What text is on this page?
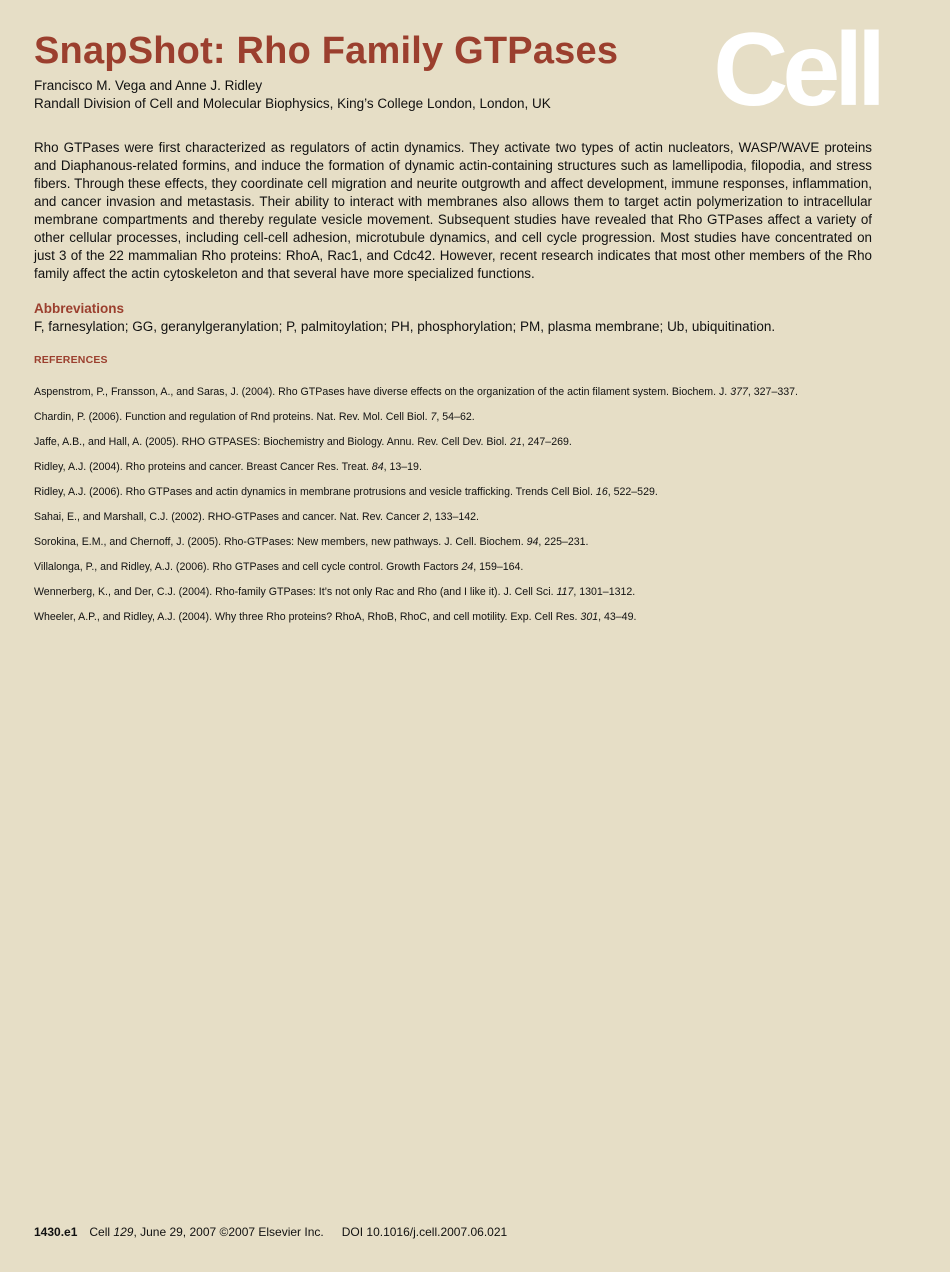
SnapShot: Rho Family GTPases
Francisco M. Vega and Anne J. Ridley
Randall Division of Cell and Molecular Biophysics, King’s College London, London, UK Cell

Rho GTPases were first characterized as regulators of actin dynamics. They activate two types of actin nucleators, WASP/WAVE proteins and Diaphanous-related formins, and induce the formation of dynamic actin-containing structures such as lamellipodia, filopodia, and stress fibers. Through these effects, they coordinate cell migration and neurite outgrowth and affect development, immune responses, inflammation, and cancer invasion and metastasis. Their ability to interact with membranes also allows them to target actin polymerization to intracellular membrane compartments and thereby regulate vesicle movement. Subsequent studies have revealed that Rho GTPases affect a variety of other cellular processes, including cell-cell adhesion, microtubule dynamics, and cell cycle progression. Most studies have concentrated on just 3 of the 22 mammalian Rho proteins: RhoA, Rac1, and Cdc42. However, recent research indicates that most other members of the Rho family affect the actin cytoskeleton and that several have more specialized functions.

Abbreviations
F, farnesylation; GG, geranylgeranylation; P, palmitoylation; PH, phosphorylation; PM, plasma membrane; Ub, ubiquitination.
REFERENCES
Aspenstrom, P., Fransson, A., and Saras, J. (2004). Rho GTPases have diverse effects on the organization of the actin filament system. Biochem. J. 377, 327–337.
Chardin, P. (2006). Function and regulation of Rnd proteins. Nat. Rev. Mol. Cell Biol. 7, 54–62.
Jaffe, A.B., and Hall, A. (2005). RHO GTPASES: Biochemistry and Biology. Annu. Rev. Cell Dev. Biol. 21, 247–269.
Ridley, A.J. (2004). Rho proteins and cancer. Breast Cancer Res. Treat. 84, 13–19.
Ridley, A.J. (2006). Rho GTPases and actin dynamics in membrane protrusions and vesicle trafficking. Trends Cell Biol. 16, 522–529.
Sahai, E., and Marshall, C.J. (2002). RHO-GTPases and cancer. Nat. Rev. Cancer 2, 133–142.
Sorokina, E.M., and Chernoff, J. (2005). Rho-GTPases: New members, new pathways. J. Cell. Biochem. 94, 225–231.
Villalonga, P., and Ridley, A.J. (2006). Rho GTPases and cell cycle control. Growth Factors 24, 159–164.
Wennerberg, K., and Der, C.J. (2004). Rho-family GTPases: It’s not only Rac and Rho (and I like it). J. Cell Sci. 117, 1301–1312.
Wheeler, A.P., and Ridley, A.J. (2004). Why three Rho proteins? RhoA, RhoB, RhoC, and cell motility. Exp. Cell Res. 301, 43–49.
1430.e1 Cell 129, June 29, 2007 ©2007 Elsevier Inc. DOI 10.1016/j.cell.2007.06.021
